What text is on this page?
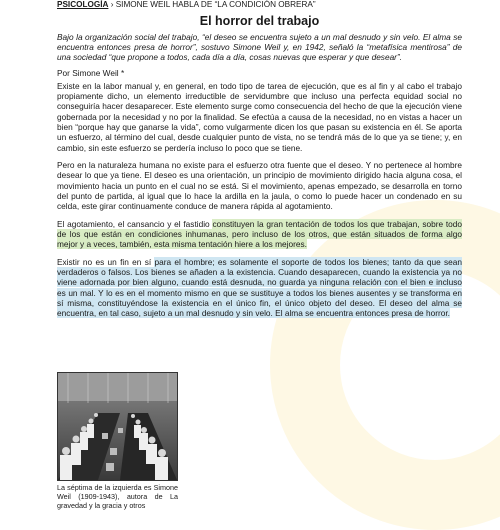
PSICOLOGÍA › SIMONE WEIL HABLA DE “LA CONDICIÓN OBRERA”
El horror del trabajo

Bajo la organización social del trabajo, “el deseo se encuentra sujeto a un mal desnudo y sin velo. El alma se encuentra entonces presa de horror”, sostuvo Simone Weil y, en 1942, señaló la “metafísica mentirosa” de una sociedad “que propone a todos, cada día a día, cosas nuevas que esperar y que desear”.

Por Simone Weil *

Existe en la labor manual y, en general, en todo tipo de tarea de ejecución, que es al fin y al cabo el trabajo propiamente dicho, un elemento irreductible de servidumbre que incluso una perfecta equidad social no conseguiría hacer desaparecer. Este elemento surge como consecuencia del hecho de que la ejecución viene gobernada por la necesidad y no por la finalidad. Se efectúa a causa de la necesidad, no en vistas a hacer un bien “porque hay que ganarse la vida”, como vulgarmente dicen los que pasan su existencia en él. Se aporta un esfuerzo, al término del cual, desde cualquier punto de vista, no se tendrá más de lo que ya se tiene; y, en cambio, sin este esfuerzo se perdería incluso lo poco que se tiene.

Pero en la naturaleza humana no existe para el esfuerzo otra fuente que el deseo. Y no pertenece al hombre desear lo que ya tiene. El deseo es una orientación, un principio de movimiento dirigido hacia alguna cosa, el movimiento hacia un punto en el cual no se está. Si el movimiento, apenas empezado, se desarrolla en torno del punto de partida, al igual que lo hace la ardilla en la jaula, o como lo puede hacer un condenado en su celda, este girar continuamente conduce de manera rápida al agotamiento.

El agotamiento, el cansancio y el fastidio constituyen la gran tentación de todos los que trabajan, sobre todo de los que están en condiciones inhumanas, pero incluso de los otros, que están situados de forma algo mejor y a veces, también, esta misma tentación hiere a los mejores.

Existir no es un fin en sí para el hombre; es solamente el soporte de todos los bienes; tanto da que sean verdaderos o falsos. Los bienes se añaden a la existencia. Cuando desaparecen, cuando la existencia ya no viene adornada por bien alguno, cuando está desnuda, no guarda ya ninguna relación con el bien e incluso es un mal. Y lo es en el momento mismo en que se sustituye a todos los bienes ausentes y se transforma en sí misma, constituyéndose la existencia en el único fin, el único objeto del deseo. El deseo del alma se encuentra, en tal caso, sujeto a un mal desnudo y sin velo. El alma se encuentra entonces presa de horror.

La séptima de la izquierda es Simone Weil (1909-1943), autora de La gravedad y la gracia y otros
